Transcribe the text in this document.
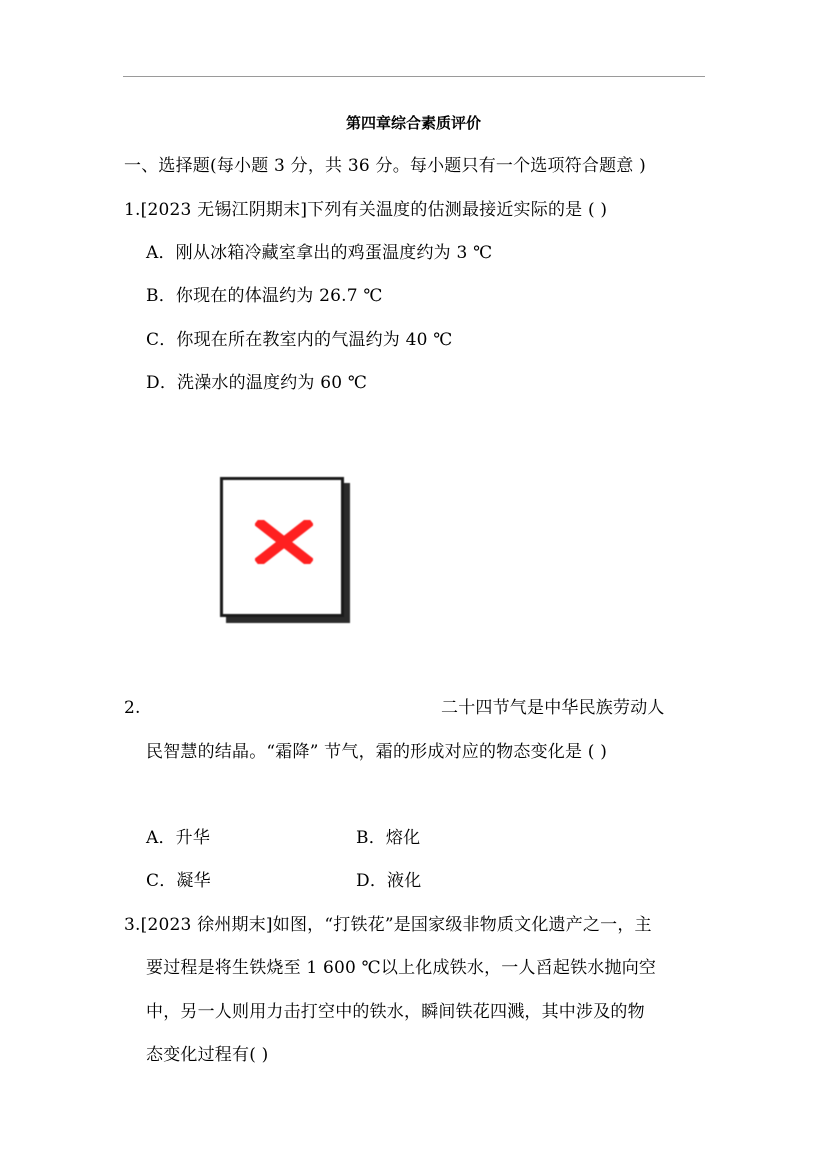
第四章综合素质评价
一、选择题(每小题 3 分，共 36 分。每小题只有一个选项符合题意 )
1.[2023 无锡江阴期末]下列有关温度的估测最接近实际的是 ( )
A．刚从冰箱冷藏室拿出的鸡蛋温度约为 3 ℃
B．你现在的体温约为 26.7 ℃
C．你现在所在教室内的气温约为 40 ℃
D．洗澡水的温度约为 60 ℃
2.	二十四节气是中华民族劳动人
民智慧的结晶。“霜降” 节气，霜的形成对应的物态变化是 ( )
A．升华	B．熔化
C．凝华	D．液化
3.[2023 徐州期末]如图，“打铁花”是国家级非物质文化遗产之一，主
要过程是将生铁烧至 1 600 ℃以上化成铁水，一人舀起铁水抛向空
中，另一人则用力击打空中的铁水，瞬间铁花四溅，其中涉及的物
态变化过程有( )
